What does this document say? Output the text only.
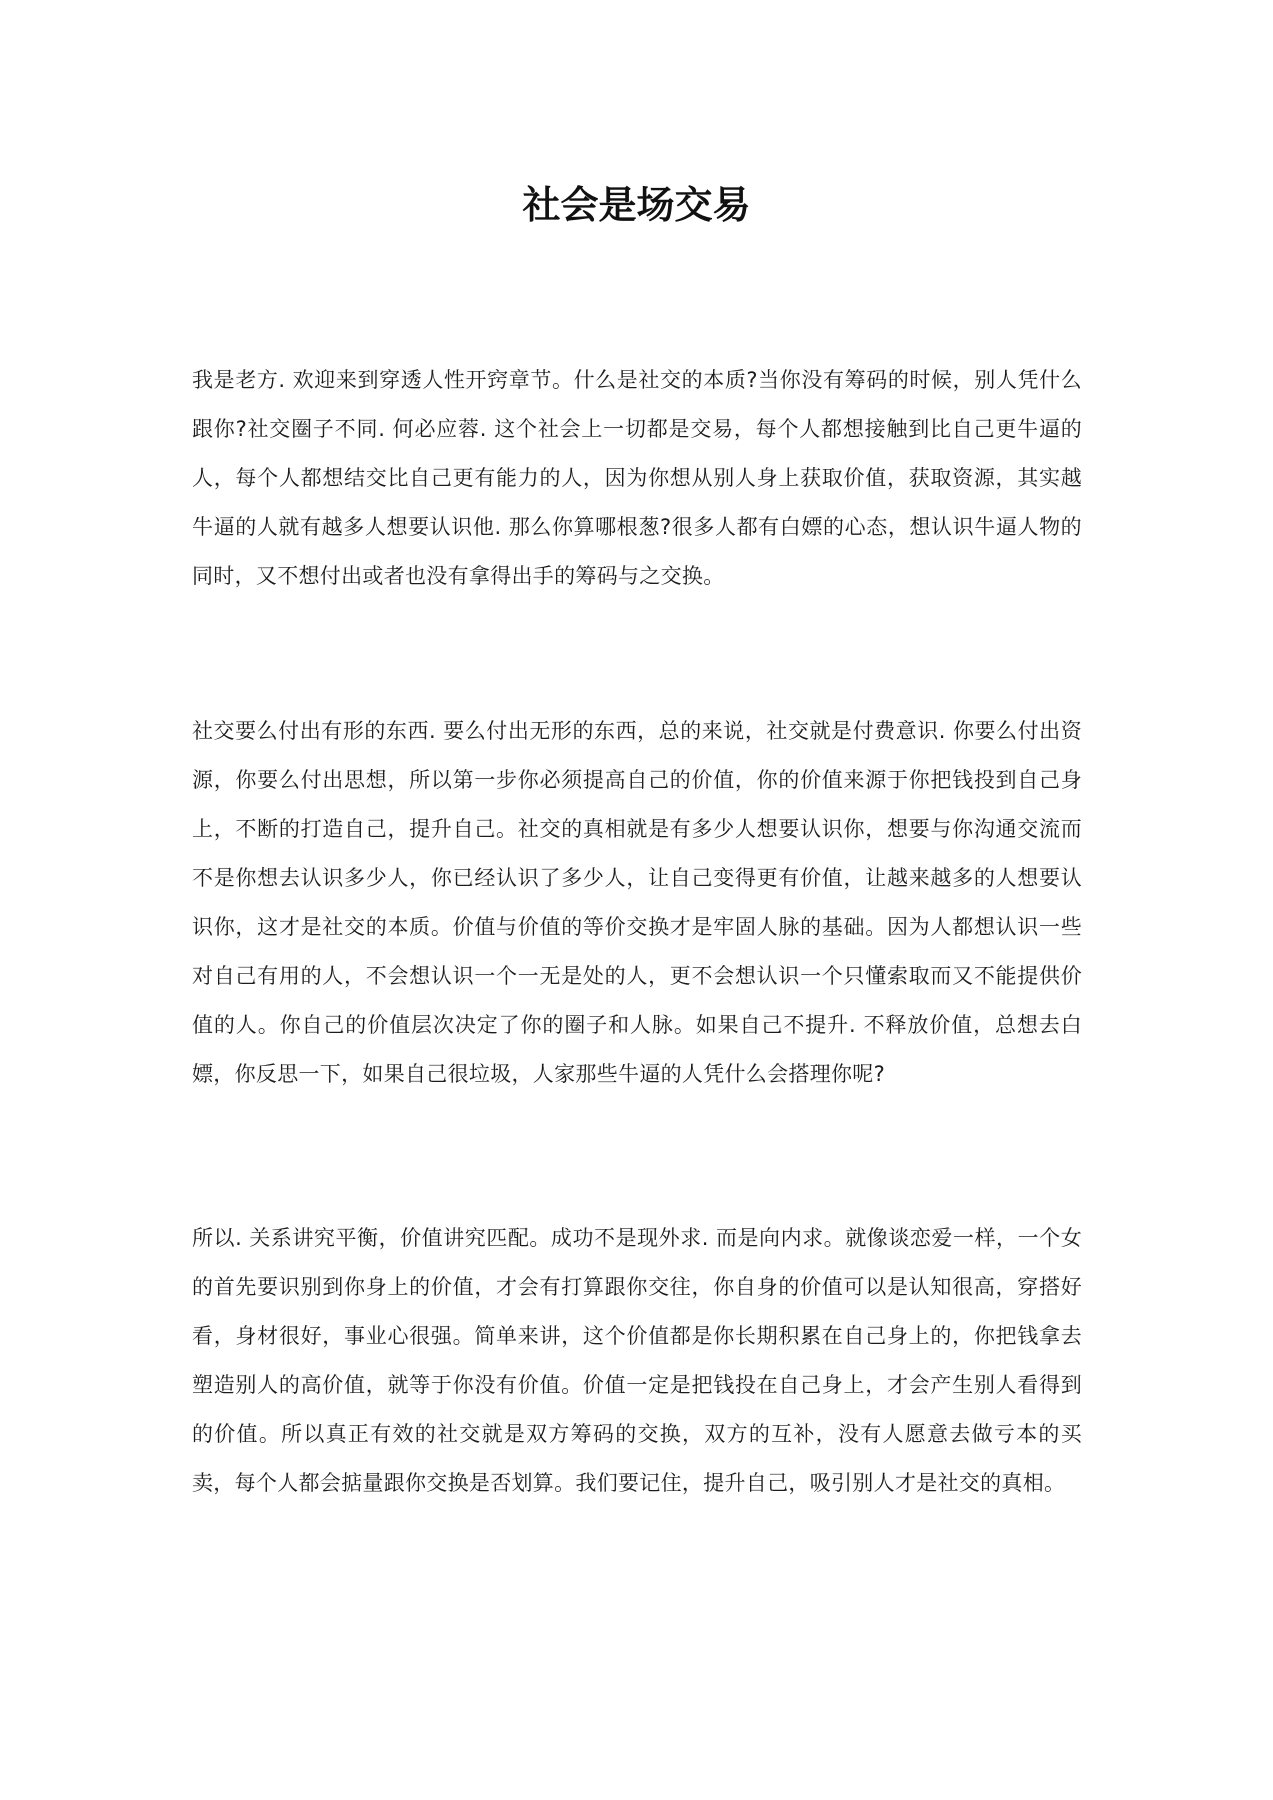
社会是场交易

我是老方. 欢迎来到穿透人性开窍章节。什么是社交的本质?当你没有筹码的时候，别人凭什么跟你?社交圈子不同. 何必应蓉. 这个社会上一切都是交易，每个人都想接触到比自己更牛逼的人，每个人都想结交比自己更有能力的人，因为你想从别人身上获取价值，获取资源，其实越牛逼的人就有越多人想要认识他. 那么你算哪根葱?很多人都有白嫖的心态，想认识牛逼人物的同时，又不想付出或者也没有拿得出手的筹码与之交换。

社交要么付出有形的东西. 要么付出无形的东西，总的来说，社交就是付费意识. 你要么付出资源，你要么付出思想，所以第一步你必须提高自己的价值，你的价值来源于你把钱投到自己身上，不断的打造自己，提升自己。社交的真相就是有多少人想要认识你，想要与你沟通交流而不是你想去认识多少人，你已经认识了多少人，让自己变得更有价值，让越来越多的人想要认识你，这才是社交的本质。价值与价值的等价交换才是牢固人脉的基础。因为人都想认识一些对自己有用的人，不会想认识一个一无是处的人，更不会想认识一个只懂索取而又不能提供价值的人。你自己的价值层次决定了你的圈子和人脉。如果自己不提升. 不释放价值，总想去白嫖，你反思一下，如果自己很垃圾，人家那些牛逼的人凭什么会搭理你呢?

所以. 关系讲究平衡，价值讲究匹配。成功不是现外求. 而是向内求。就像谈恋爱一样，一个女的首先要识别到你身上的价值，才会有打算跟你交往，你自身的价值可以是认知很高，穿搭好看，身材很好，事业心很强。简单来讲，这个价值都是你长期积累在自己身上的，你把钱拿去塑造别人的高价值，就等于你没有价值。价值一定是把钱投在自己身上，才会产生别人看得到的价值。所以真正有效的社交就是双方筹码的交换，双方的互补，没有人愿意去做亏本的买卖，每个人都会掂量跟你交换是否划算。我们要记住，提升自己，吸引别人才是社交的真相。
